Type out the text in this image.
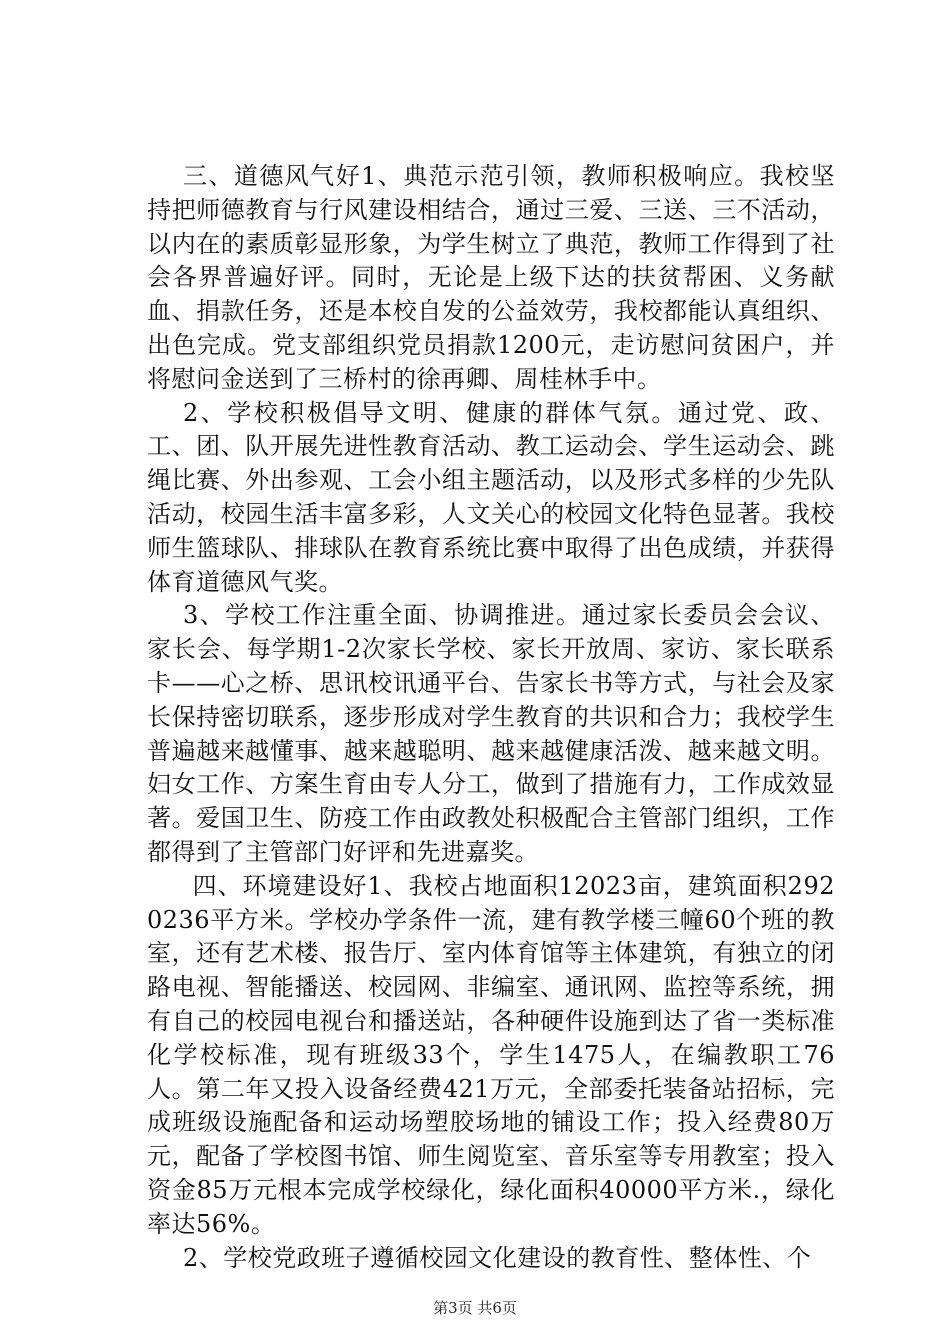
三、道德风气好1、典范示范引领，教师积极响应。我校坚持把师德教育与行风建设相结合，通过三爱、三送、三不活动，以内在的素质彰显形象，为学生树立了典范，教师工作得到了社会各界普遍好评。同时，无论是上级下达的扶贫帮困、义务献血、捐款任务，还是本校自发的公益效劳，我校都能认真组织、出色完成。党支部组织党员捐款1200元，走访慰问贫困户，并将慰问金送到了三桥村的徐再卿、周桂林手中。

2、学校积极倡导文明、健康的群体气氛。通过党、政、工、团、队开展先进性教育活动、教工运动会、学生运动会、跳绳比赛、外出参观、工会小组主题活动，以及形式多样的少先队活动，校园生活丰富多彩，人文关心的校园文化特色显著。我校师生篮球队、排球队在教育系统比赛中取得了出色成绩，并获得体育道德风气奖。

3、学校工作注重全面、协调推进。通过家长委员会会议、家长会、每学期1-2次家长学校、家长开放周、家访、家长联系卡——心之桥、思讯校讯通平台、告家长书等方式，与社会及家长保持密切联系，逐步形成对学生教育的共识和合力；我校学生普遍越来越懂事、越来越聪明、越来越健康活泼、越来越文明。妇女工作、方案生育由专人分工，做到了措施有力，工作成效显著。爱国卫生、防疫工作由政教处积极配合主管部门组织，工作都得到了主管部门好评和先进嘉奖。

四、环境建设好1、我校占地面积12023亩，建筑面积2920236平方米。学校办学条件一流，建有教学楼三幢60个班的教室，还有艺术楼、报告厅、室内体育馆等主体建筑，有独立的闭路电视、智能播送、校园网、非编室、通讯网、监控等系统，拥有自己的校园电视台和播送站，各种硬件设施到达了省一类标准化学校标准，现有班级33个，学生1475人，在编教职工76人。第二年又投入设备经费421万元，全部委托装备站招标，完成班级设施配备和运动场塑胶场地的铺设工作；投入经费80万元，配备了学校图书馆、师生阅览室、音乐室等专用教室；投入资金85万元根本完成学校绿化，绿化面积40000平方米.，绿化率达56%。

2、学校党政班子遵循校园文化建设的教育性、整体性、个

第3页 共6页
